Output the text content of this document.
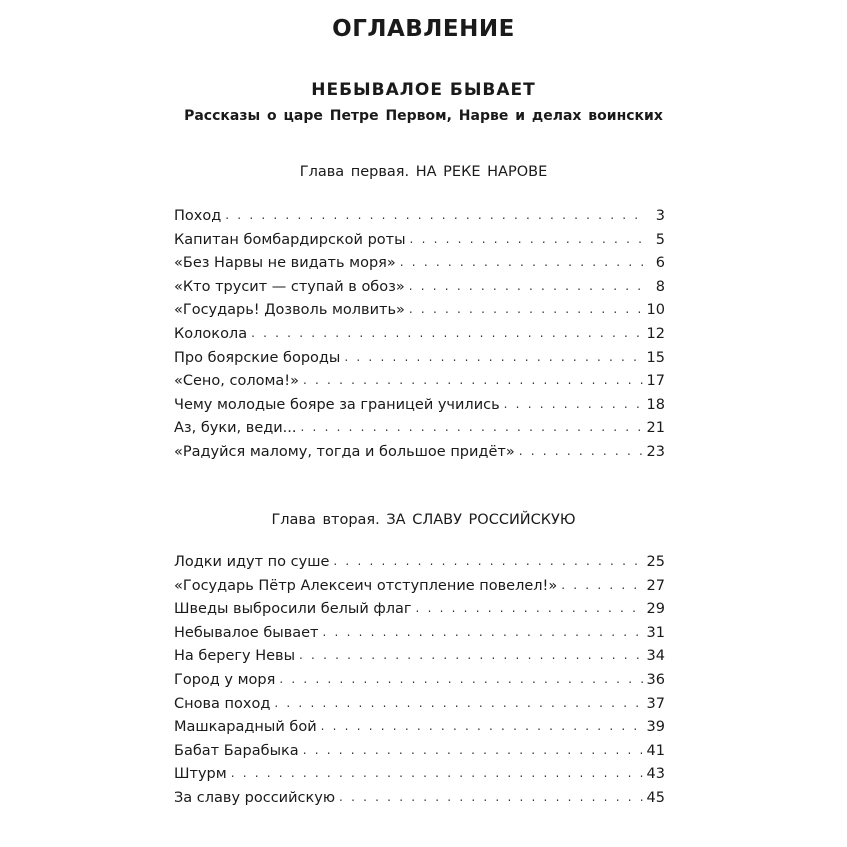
ОГЛАВЛЕНИЕ
НЕБЫВАЛОЕ БЫВАЕТ
Рассказы о царе Петре Первом, Нарве и делах воинских
Глава первая. НА РЕКЕ НАРОВЕ
Поход . . .	3
Капитан бомбардирской роты . . .	5
«Без Нарвы не видать моря» . . .	6
«Кто трусит — ступай в обоз» . . .	8
«Государь! Дозволь молвить» . . .	10
Колокола . . .	12
Про боярские бороды . . .	15
«Сено, солома!» . . .	17
Чему молодые бояре за границей учились . . .	18
Аз, буки, веди... . . .	21
«Радуйся малому, тогда и большое придёт» . . .	23
Глава вторая. ЗА СЛАВУ РОССИЙСКУЮ
Лодки идут по суше . . .	25
«Государь Пётр Алексеич отступление повелел!» . . .	27
Шведы выбросили белый флаг . . .	29
Небывалое бывает . . .	31
На берегу Невы . . .	34
Город у моря . . .	36
Снова поход . . .	37
Машкарадный бой . . .	39
Бабат Барабыка . . .	41
Штурм . . .	43
За славу российскую . . .	45
